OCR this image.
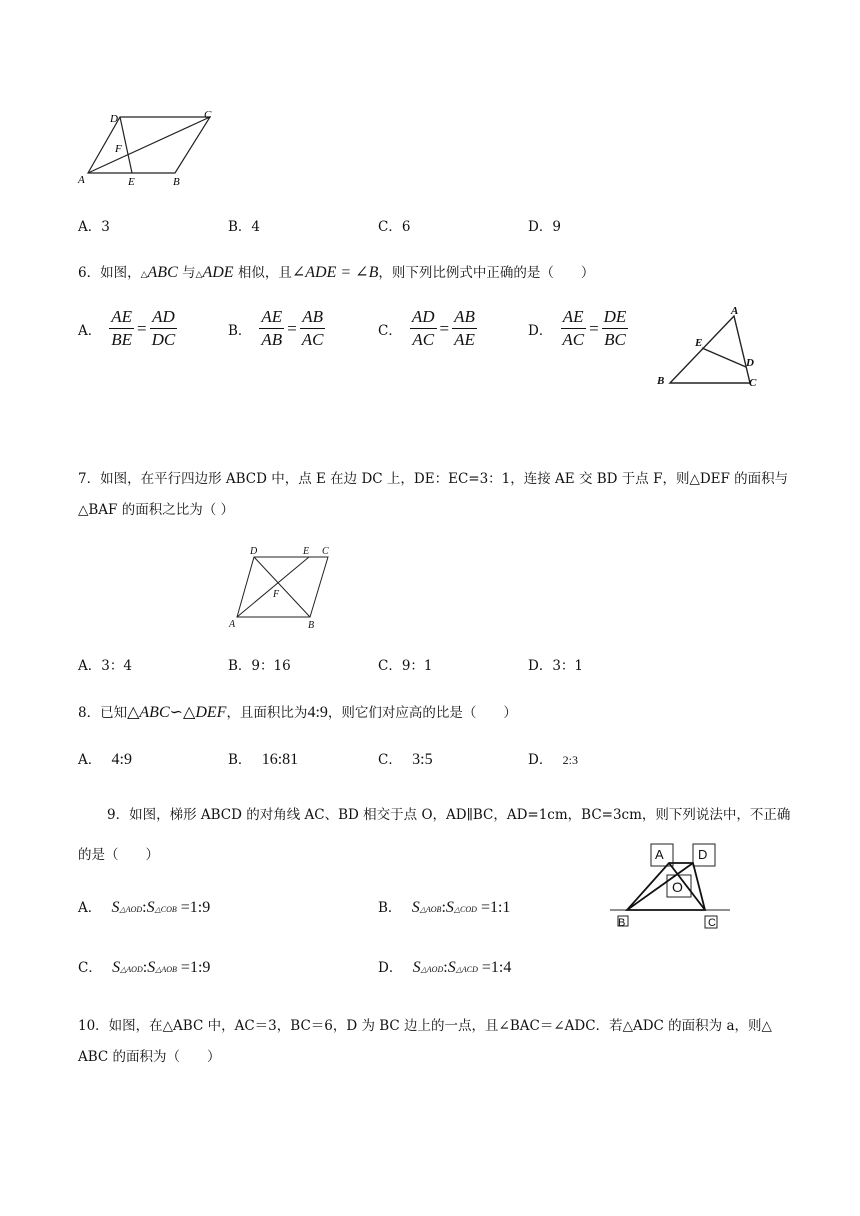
D	C
F
A	E	B
A．3	B．4	C．6	D．9
6．如图，△ABC 与△ADE 相似，且∠ADE = ∠B，则下列比例式中正确的是（　　）
A． $\frac{AE}{BE} = \frac{AD}{DC}$	B． $\frac{AE}{AB} = \frac{AB}{AC}$	C． $\frac{AD}{AC} = \frac{AB}{AE}$	D． $\frac{AE}{AC} = \frac{DE}{BC}$	A
E
D
B	C
7．如图，在平行四边形 ABCD 中，点 E 在边 DC 上，DE：EC=3：1，连接 AE 交 BD 于点 F，则△DEF 的面积与
△BAF 的面积之比为（ ）
D	E C
F
A	B
A．3：4	B．9：16	C．9：1	D．3：1
8．已知△ABC∽△DEF，且面积比为4:9，则它们对应高的比是（　　）
A． 4:9	B． 16:81	C． 3:5	D． 2:3
9．如图，梯形 ABCD 的对角线 AC、BD 相交于点 O，AD∥BC，AD=1cm，BC=3cm，则下列说法中，不正确
的是（　　）	A	D
O
B	C
A． S△AOD:S△COB =1:9	B． S△AOB:S△COD =1:1
C． S△AOD:S△AOB =1:9	D． S△AOD:S△ACD =1:4
10．如图，在△ABC 中，AC＝3，BC＝6，D 为 BC 边上的一点，且∠BAC＝∠ADC．若△ADC 的面积为 a，则△
ABC 的面积为（　　）
